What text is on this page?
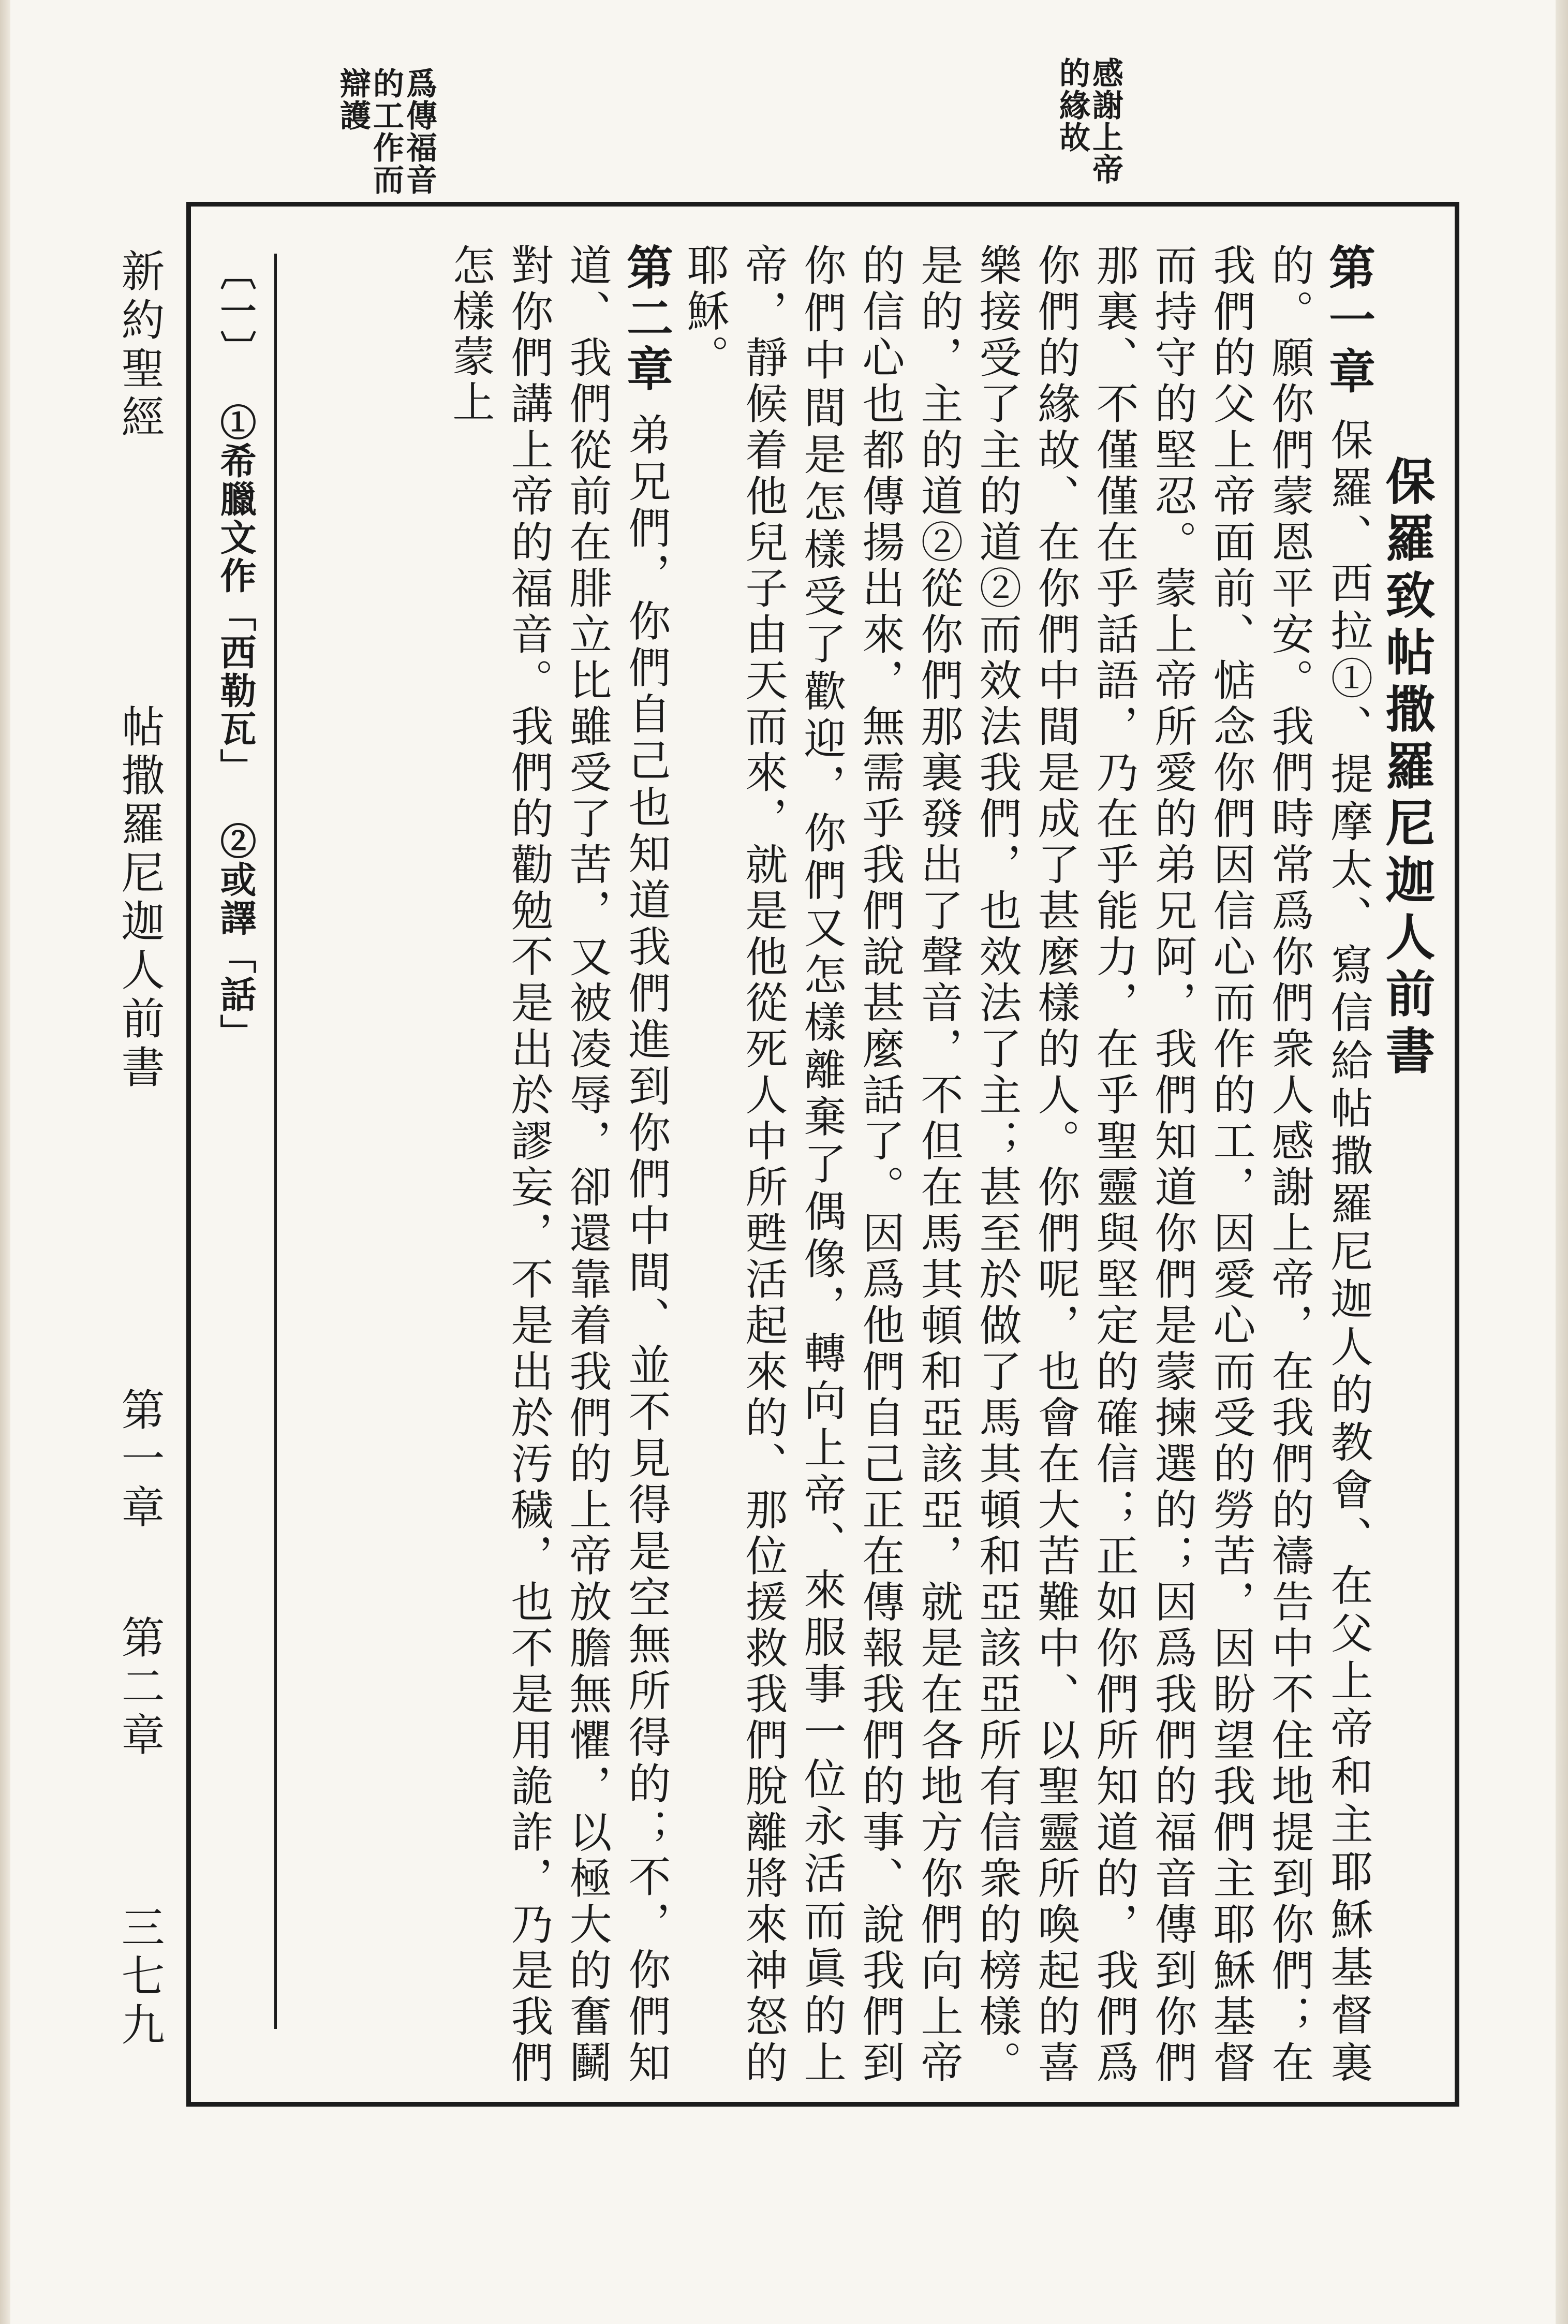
爲傳福音的工作而辯護	感謝上帝的緣故
新約聖經
帖撒羅尼迦人前書
第一章
第二章
三七九

保羅致帖撒羅尼迦人前書

第一章 保羅、西拉①、提摩太、寫信給帖撒羅尼迦人的教會、在父上帝和主耶穌基督裏的。願你們蒙恩平安。我們時常爲你們衆人感謝上帝，在我們的禱告中不住地提到你們；在我們的父上帝面前、惦念你們因信心而作的工，因愛心而受的勞苦，因盼望我們主耶穌基督而持守的堅忍。蒙上帝所愛的弟兄阿，我們知道你們是蒙揀選的；因爲我們的福音傳到你們那裏、不僅僅在乎話語，乃在乎能力，在乎聖靈與堅定的確信；正如你們所知道的，我們爲你們的緣故、在你們中間是成了甚麼樣的人。你們呢，也會在大苦難中、以聖靈所喚起的喜樂接受了主的道②而效法我們，也效法了主；甚至於做了馬其頓和亞該亞所有信衆的榜樣。是的，主的道②從你們那裏發出了聲音，不但在馬其頓和亞該亞，就是在各地方你們向上帝的信心也都傳揚出來，無需乎我們說甚麼話了。因爲他們自己正在傳報我們的事、說我們到你們中間是怎樣受了歡迎，你們又怎樣離棄了偶像，轉向上帝、來服事一位永活而眞的上帝，靜候着他兒子由天而來，就是他從死人中所甦活起來的、那位援救我們脫離將來神怒的耶穌。

第二章 弟兄們，你們自己也知道我們進到你們中間、並不見得是空無所得的；不，你們知道、我們從前在腓立比雖受了苦，又被凌辱，卻還靠着我們的上帝放膽無懼，以極大的奮鬭對你們講上帝的福音。我們的勸勉不是出於謬妄，不是出於汚穢，也不是用詭詐，乃是我們怎樣蒙上

〔一〕 ①希臘文作「西勒瓦」 ②或譯「話」
